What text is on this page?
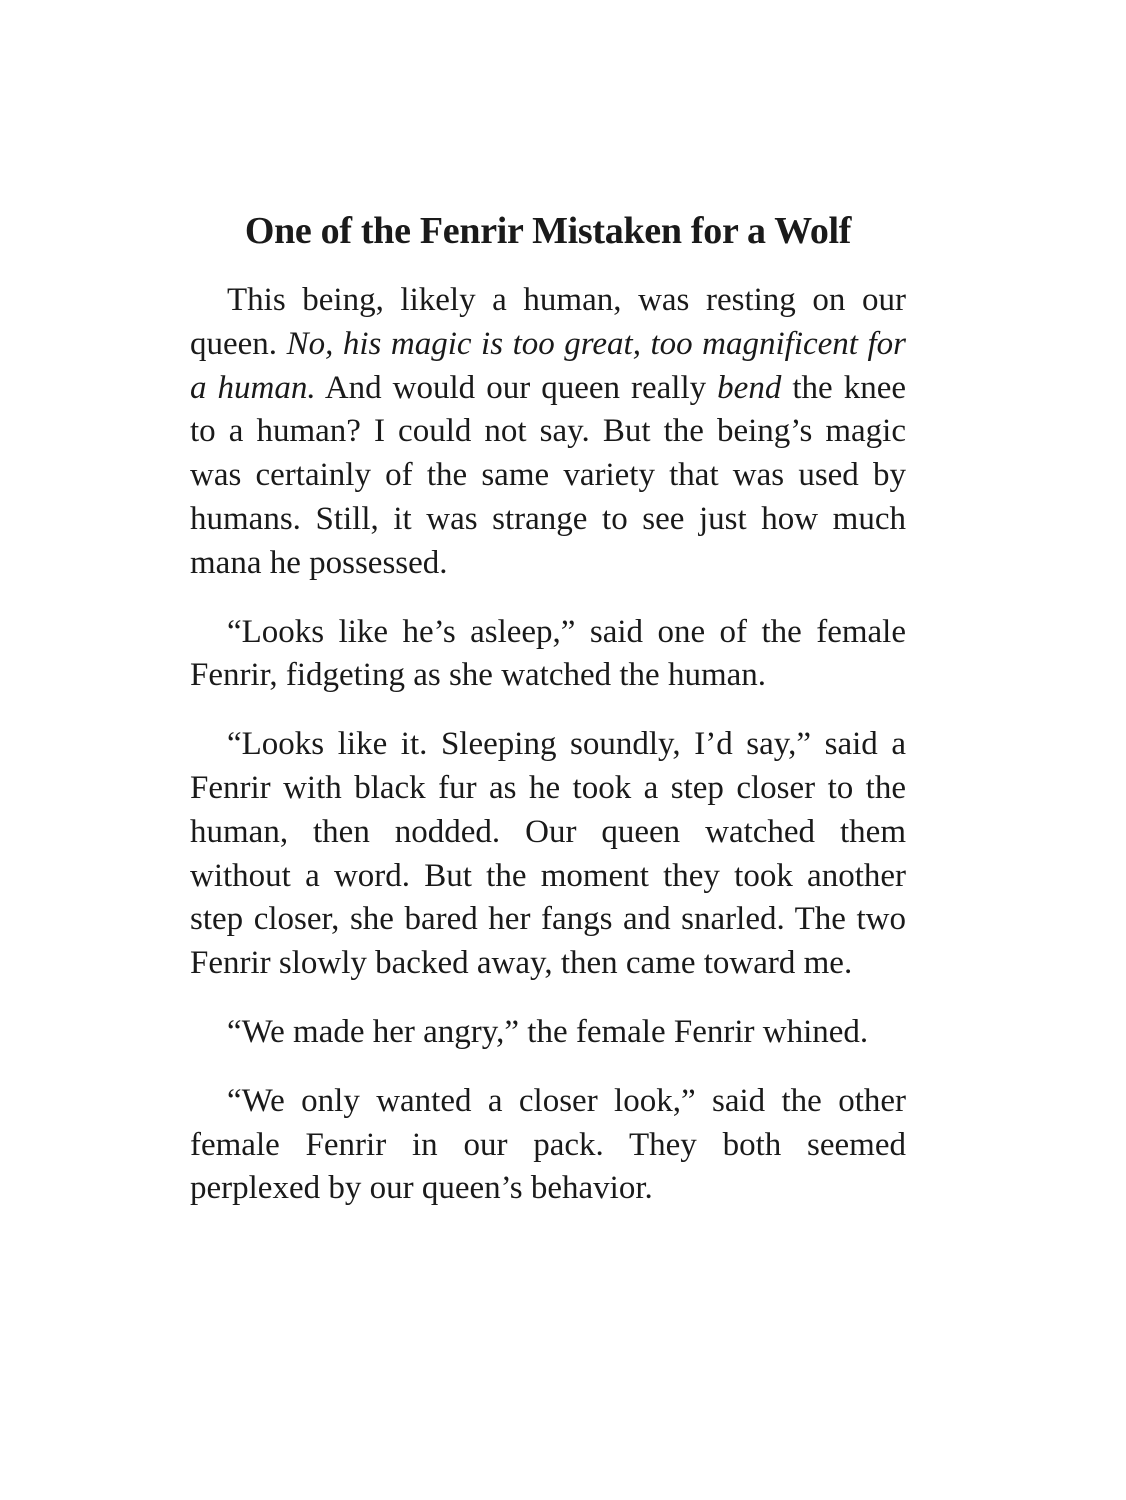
One of the Fenrir Mistaken for a Wolf

This being, likely a human, was resting on our queen. No, his magic is too great, too magnificent for a human. And would our queen really bend the knee to a human? I could not say. But the being’s magic was certainly of the same variety that was used by humans. Still, it was strange to see just how much mana he possessed.

“Looks like he’s asleep,” said one of the female Fenrir, fidgeting as she watched the human.

“Looks like it. Sleeping soundly, I’d say,” said a Fenrir with black fur as he took a step closer to the human, then nodded. Our queen watched them without a word. But the moment they took another step closer, she bared her fangs and snarled. The two Fenrir slowly backed away, then came toward me.

“We made her angry,” the female Fenrir whined.

“We only wanted a closer look,” said the other female Fenrir in our pack. They both seemed perplexed by our queen’s behavior.
